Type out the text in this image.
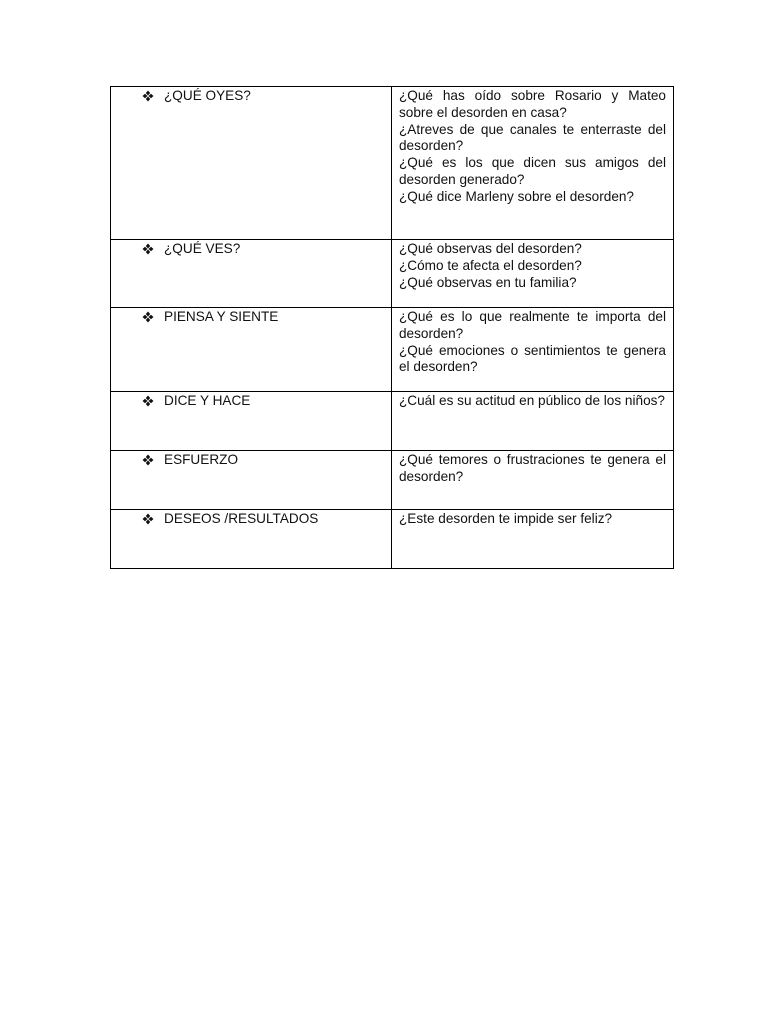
¿QUÉ OYES?	¿Qué has oído sobre Rosario y Mateo sobre el desorden en casa?

¿Atreves de que canales te enterraste del desorden?

¿Qué es los que dicen sus amigos del desorden generado?

¿Qué dice Marleny sobre el desorden?

¿QUÉ VES?	¿Qué observas del desorden?

¿Cómo te afecta el desorden?

¿Qué observas en tu familia?

PIENSA Y SIENTE	¿Qué es lo que realmente te importa del desorden?

¿Qué emociones o sentimientos te genera el desorden?

DICE Y HACE	¿Cuál es su actitud en público de los niños?

ESFUERZO	¿Qué temores o frustraciones te genera el desorden?

DESEOS /RESULTADOS	¿Este desorden te impide ser feliz?
